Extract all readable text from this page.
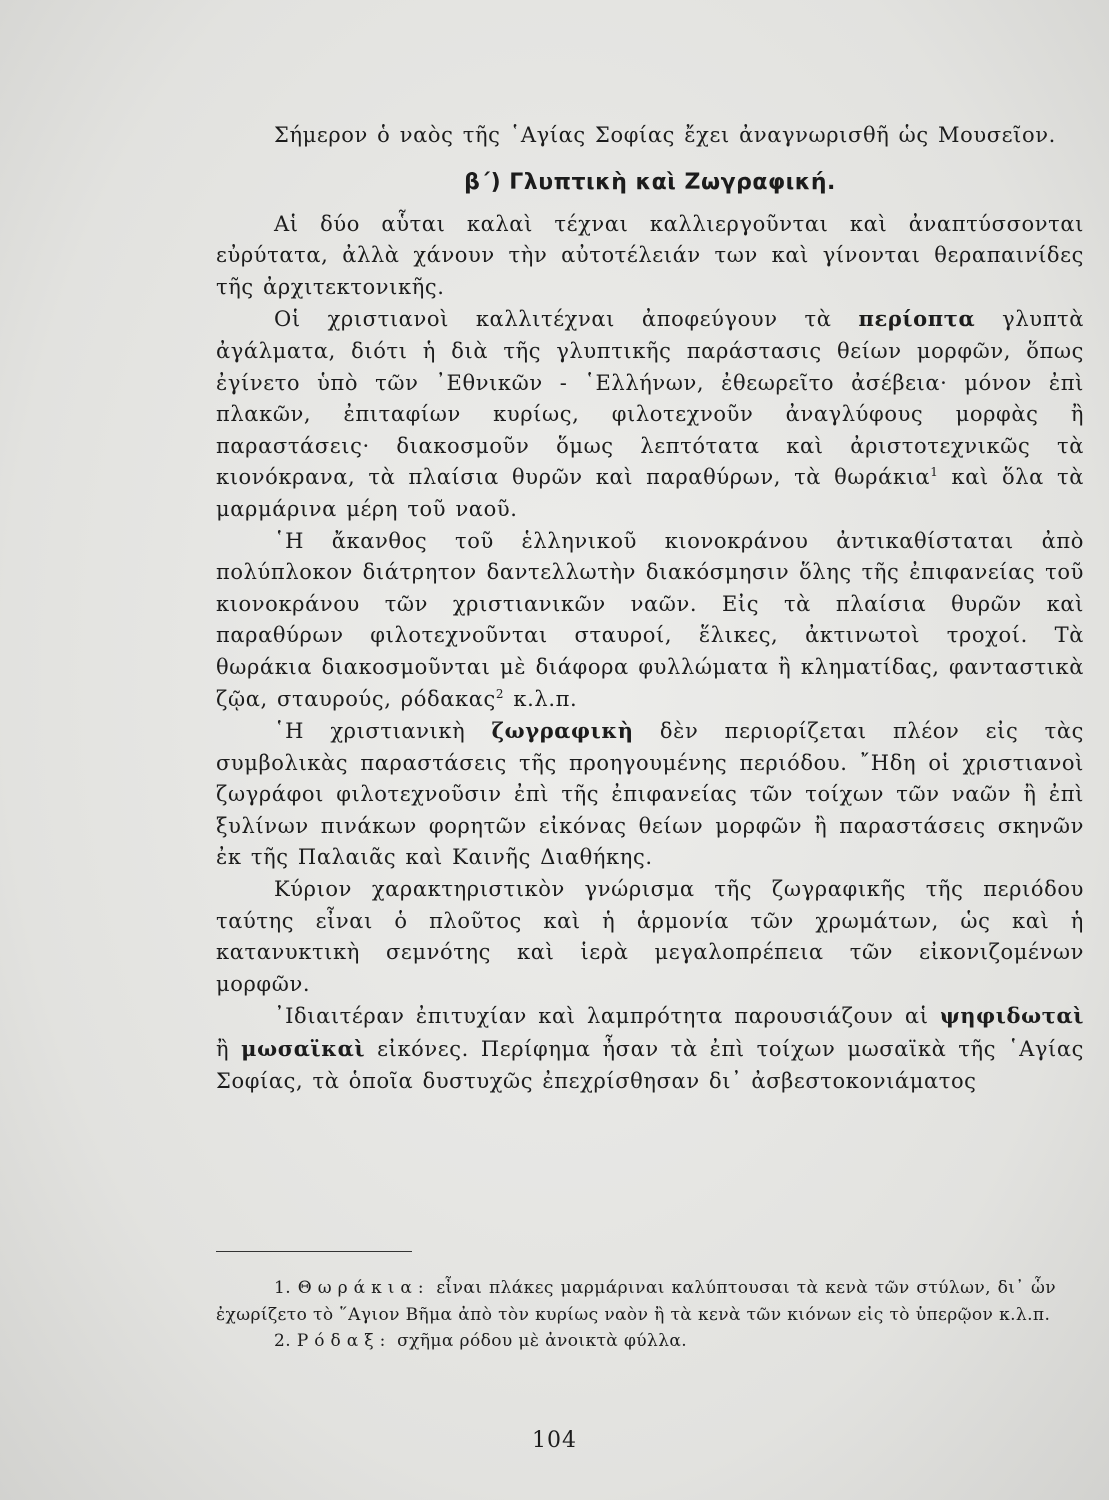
Σήμερον ὁ ναὸς τῆς ῾Αγίας Σοφίας ἔχει ἀναγνωρισθῆ ὡς Μουσεῖον.

β΄) Γλυπτικὴ καὶ Ζωγραφική.

Αἱ δύο αὗται καλαὶ τέχναι καλλιεργοῦνται καὶ ἀναπτύσσονται εὐρύτατα, ἀλλὰ χάνουν τὴν αὐτοτέλειάν των καὶ γίνονται θεραπαινίδες τῆς ἀρχιτεκτονικῆς.

Οἱ χριστιανοὶ καλλιτέχναι ἀποφεύγουν τὰ περίοπτα γλυπτὰ ἀγάλματα, διότι ἡ διὰ τῆς γλυπτικῆς παράστασις θείων μορφῶν, ὅπως ἐγίνετο ὑπὸ τῶν ᾽Εθνικῶν - ῾Ελλήνων, ἐθεωρεῖτο ἀσέβεια· μόνον ἐπὶ πλακῶν, ἐπιταφίων κυρίως, φιλοτεχνοῦν ἀναγλύφους μορφὰς ἢ παραστάσεις· διακοσμοῦν ὅμως λεπτότατα καὶ ἀριστοτεχνικῶς τὰ κιονόκρανα, τὰ πλαίσια θυρῶν καὶ παραθύρων, τὰ θωράκια$^1$ καὶ ὅλα τὰ μαρμάρινα μέρη τοῦ ναοῦ.

῾Η ἄκανθος τοῦ ἑλληνικοῦ κιονοκράνου ἀντικαθίσταται ἀπὸ πολύπλοκον διάτρητον δαντελλωτὴν διακόσμησιν ὅλης τῆς ἐπιφανείας τοῦ κιονοκράνου τῶν χριστιανικῶν ναῶν. Εἰς τὰ πλαίσια θυρῶν καὶ παραθύρων φιλοτεχνοῦνται σταυροί, ἕλικες, ἀκτινωτοὶ τροχοί. Τὰ θωράκια διακοσμοῦνται μὲ διάφορα φυλλώματα ἢ κληματίδας, φανταστικὰ ζῷα, σταυρούς, ρόδακας$^2$ κ.λ.π.

῾Η χριστιανικὴ ζωγραφικὴ δὲν περιορίζεται πλέον εἰς τὰς συμβολικὰς παραστάσεις τῆς προηγουμένης περιόδου. ῎Ηδη οἱ χριστιανοὶ ζωγράφοι φιλοτεχνοῦσιν ἐπὶ τῆς ἐπιφανείας τῶν τοίχων τῶν ναῶν ἢ ἐπὶ ξυλίνων πινάκων φορητῶν εἰκόνας θείων μορφῶν ἢ παραστάσεις σκηνῶν ἐκ τῆς Παλαιᾶς καὶ Καινῆς Διαθήκης.

Κύριον χαρακτηριστικὸν γνώρισμα τῆς ζωγραφικῆς τῆς περιόδου ταύτης εἶναι ὁ πλοῦτος καὶ ἡ ἁρμονία τῶν χρωμάτων, ὡς καὶ ἡ κατανυκτικὴ σεμνότης καὶ ἱερὰ μεγαλοπρέπεια τῶν εἰκονιζομένων μορφῶν.

᾽Ιδιαιτέραν ἐπιτυχίαν καὶ λαμπρότητα παρουσιάζουν αἱ ψηφιδωταὶ ἢ μωσαϊκαὶ εἰκόνες. Περίφημα ἦσαν τὰ ἐπὶ τοίχων μωσαϊκὰ τῆς ῾Αγίας Σοφίας, τὰ ὁποῖα δυστυχῶς ἐπεχρίσθησαν δι᾽ ἀσβεστοκονιάματος

1. Θωράκια: εἶναι πλάκες μαρμάριναι καλύπτουσαι τὰ κενὰ τῶν στύλων, δι᾽ ὧν ἐχωρίζετο τὸ ῞Αγιον Βῆμα ἀπὸ τὸν κυρίως ναὸν ἢ τὰ κενὰ τῶν κιόνων εἰς τὸ ὑπερῷον κ.λ.π.

2. Ρόδαξ: σχῆμα ρόδου μὲ ἀνοικτὰ φύλλα.

104
